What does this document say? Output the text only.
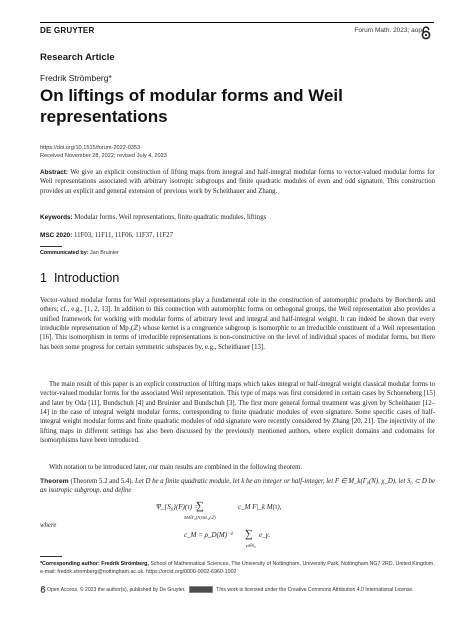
DE GRUYTER	Forum Math. 2023; aop
Research Article
Fredrik Strömberg*
On liftings of modular forms and Weil representations
https://doi.org/10.1515/forum-2022-0353
Received November 28, 2022; revised July 4, 2023
Abstract: We give an explicit construction of lifting maps from integral and half-integral modular forms to vector-valued modular forms for Weil representations associated with arbitrary isotropic subgroups and finite quadratic modules of even and odd signature. This construction provides an explicit and general extension of previous work by Scheithauer and Zhang.
Keywords: Modular forms, Weil representations, finite quadratic modules, liftings
MSC 2020: 11F03, 11F11, 11F06, 11F37, 11F27
Communicated by: Jan Bruinier
1 Introduction
Vector-valued modular forms for Weil representations play a fundamental role in the construction of automorphic products by Borcherds and others; cf., e.g., [1, 2, 13]. In addition to this connection with automorphic forms on orthogonal groups, the Weil representation also provides a unified framework for working with modular forms of arbitrary level and integral and half-integral weight. It can indeed be shown that every irreducible representation of Mp₂(ℤ) whose kernel is a congruence subgroup is isomorphic to an irreducible constituent of a Weil representation [16]. This isomorphism in terms of irreducible representations is non-constructive on the level of individual spaces of modular forms, but there has been some progress for certain symmetric subspaces by, e.g., Scheithauer [13].
The main result of this paper is an explicit construction of lifting maps which takes integral or half-integral weight classical modular forms to vector-valued modular forms for the associated Weil representation. This type of maps was first considered in certain cases by Schoeneberg [15] and later by Oda [11], Bundschuh [4] and Bruinier and Bundschuh [3]. The first more general formal treatment was given by Scheithauer [12–14] in the case of integral weight modular forms, corresponding to finite quadratic modules of even signature. Some specific cases of half-integral weight modular forms and finite quadratic modules of odd signature were recently considered by Zhang [20, 21]. The injectivity of the lifting maps in different settings has also been discussed by the previously mentioned authors, where explicit domains and codomains for isomorphisms have been introduced.
With notation to be introduced later, our main results are combined in the following theorem.
Theorem (Theorem 5.2 and 5.4). Let D be a finite quadratic module, let k be an integer or half-integer, let F ∈ M_k(Γ₀(N), χ_D), let S₀ ⊂ D be an isotropic subgroup, and define
Ψ_{S₀}(F)(τ) =
∑
M∈Γ₀(N)\SL₂(ℤ)
c_M F|_k M(τ),
where
c_M = ρ_D(M)⁻¹ ∑
γ∈S₀
e_γ.
*Corresponding author: Fredrik Strömberg, School of Mathematical Sciences, The University of Nottingham, University Park, Nottingham NG7 2RD, United Kingdom, e-mail: fredrik.stromberg@nottingham.ac.uk. https://orcid.org/0000-0002-6960-1002
Open Access. © 2023 the author(s), published by De Gruyter.	This work is licensed under the Creative Commons Attribution 4.0 International License.
